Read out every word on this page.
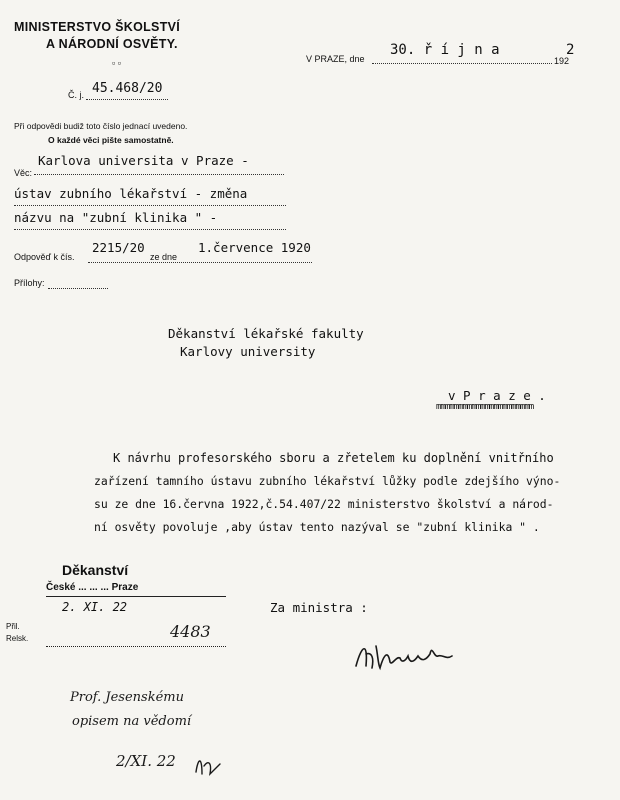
MINISTERSTVO ŠKOLSTVÍ
A NÁRODNÍ OSVĚTY.
▫ ▫
Č. j. 45.468/20
Při odpovědi budiž toto číslo jednací uvedeno.
O každé věci pište samostatně.
V PRAZE, dne
30. ř í j n a
192
2
Věc:
Karlova universita v Praze -
ústav zubního lékařství - změna
názvu na "zubní klinika " -
Odpověď k čís.
2215/20
ze dne
1.července 1920
Přílohy:
Děkanství lékařské fakulty
Karlovy university
v P r a z e .
mmmmmmmmmmmmmmmmmmmmmm
K návrhu profesorského sboru a zřetelem ku doplnění vnitřního
zařízení tamního ústavu zubního lékařství lůžky podle zdejšího výno-
su ze dne 16.června 1922,č.54.407/22 ministerstvo školství a národ-
ní osvěty povoluje ,aby ústav tento nazýval se "zubní klinika " .
Za ministra :
Děkanství
České ... ... ... Praze
2. XI. 22
Přil.
Relsk.	4483
Prof. Jesenskému
opisem na vědomí
2/XI. 22
